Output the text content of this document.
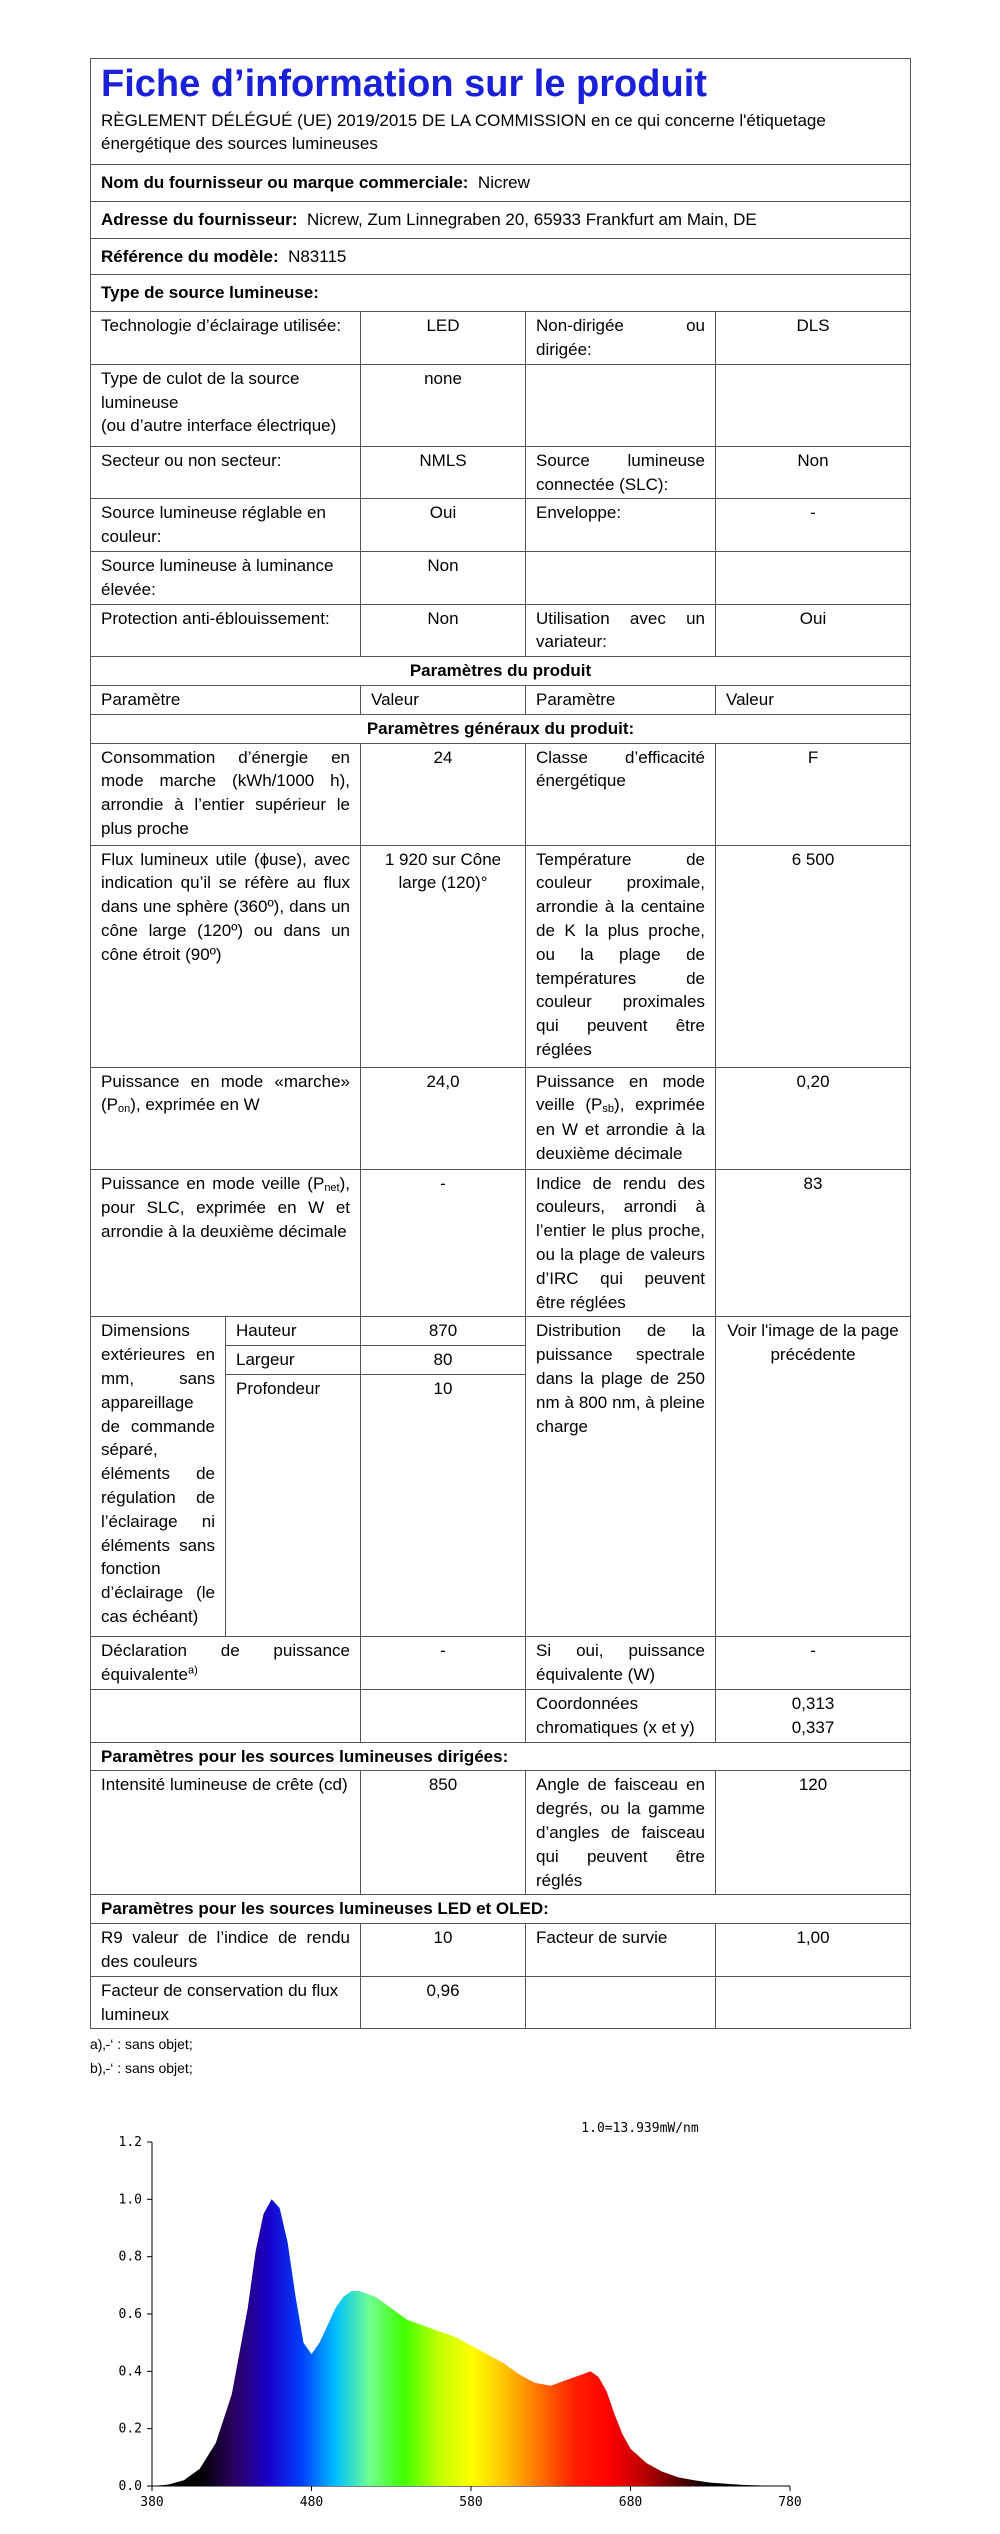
Fiche d’information sur le produit
RÈGLEMENT DÉLÉGUÉ (UE) 2019/2015 DE LA COMMISSION en ce qui concerne l'étiquetage énergétique des sources lumineuses				

Nom du fournisseur ou marque commerciale: Nicrew				
Adresse du fournisseur: Nicrew, Zum Linnegraben 20, 65933 Frankfurt am Main, DE				
Référence du modèle: N83115				
Type de source lumineuse:				
Technologie d’éclairage utilisée:		LED	Non-dirigée ou dirigée:	DLS

Type de culot de la source lumineuse
(ou d’autre interface électrique)		none		
Secteur ou non secteur:		NMLS	Source lumineuse connectée (SLC):	Non
Source lumineuse réglable en couleur:		Oui	Enveloppe:	-
Source lumineuse à luminance élevée:		Non		
Protection anti-éblouissement:		Non	Utilisation avec un variateur:	Oui
Paramètres du produit				
Paramètre		Valeur	Paramètre	Valeur
Paramètres généraux du produit:				
Consommation d’énergie en mode marche (kWh/1000 h), arrondie à l’entier supérieur le plus proche		24	Classe d’efficacité énergétique	F
Flux lumineux utile (ɸuse), avec indication qu’il se réfère au flux dans une sphère (360º), dans un cône large (120º) ou dans un cône étroit (90º)		1 920 sur Cône large (120)°	Température de couleur proximale, arrondie à la centaine de K la plus proche, ou la plage de températures de couleur proximales qui peuvent être réglées	6 500
Puissance en mode «marche» $(P_{on})$, exprimée en W		24,0	Puissance en mode veille $(P_{sb})$, exprimée en W et arrondie à la deuxième décimale	0,20
Puissance en mode veille $(P_{net})$, pour SLC, exprimée en W et arrondie à la deuxième décimale		-	Indice de rendu des couleurs, arrondi à l’entier le plus proche, ou la plage de valeurs d’IRC qui peuvent être réglées	83
Dimensions extérieures en mm, sans appareillage de commande séparé, éléments de régulation de l’éclairage ni éléments sans fonction d’éclairage (le cas échéant)	Hauteur	870	Distribution de la puissance spectrale dans la plage de 250 nm à 800 nm, à pleine charge	Voir l'image de la page précédente
	Largeur	80		
	Profondeur	10		
Déclaration de puissance équivalente$^{a)}$		-	Si oui, puissance équivalente (W)	-
			Coordonnées chromatiques (x et y)	0,313
0,337

Paramètres pour les sources lumineuses dirigées:				
Intensité lumineuse de crête (cd)		850	Angle de faisceau en degrés, ou la gamme d’angles de faisceau qui peuvent être réglés	120
Paramètres pour les sources lumineuses LED et OLED:				
R9 valeur de l’indice de rendu des couleurs		10	Facteur de survie	1,00
Facteur de conservation du flux lumineux		0,96		
a)‚-‘ : sans objet;
b)‚-‘ : sans objet;
0.0
0.2
0.4
0.6
0.8
1.0
1.2
380	480	580	680	780
1.0=13.939mW/nm
